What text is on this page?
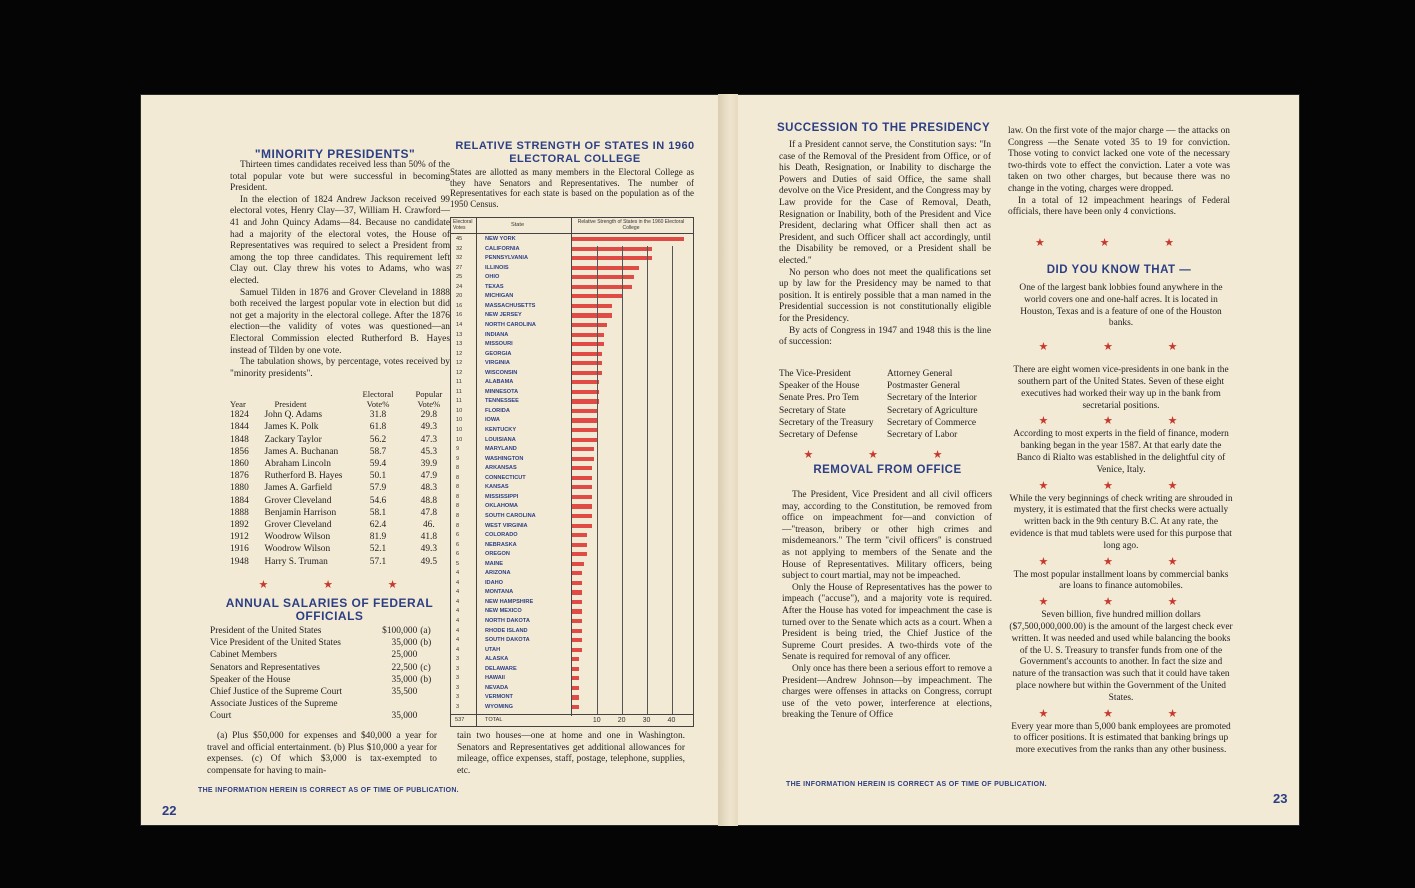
"MINORITY PRESIDENTS"

Thirteen times candidates received less than 50% of the total popular vote but were successful in becoming President.

In the election of 1824 Andrew Jackson received 99 electoral votes, Henry Clay—37, William H. Crawford—41 and John Quincy Adams—84. Because no candidate had a majority of the electoral votes, the House of Representatives was required to select a President from among the top three candidates. This requirement left Clay out. Clay threw his votes to Adams, who was elected.

Samuel Tilden in 1876 and Grover Cleveland in 1888 both received the largest popular vote in election but did not get a majority in the electoral college. After the 1876 election—the validity of votes was questioned—an Electoral Commission elected Rutherford B. Hayes instead of Tilden by one vote.

The tabulation shows, by percentage, votes received by "minority presidents".

Year	President	Electoral Vote%	Popular Vote%
1824	John Q. Adams	31.8	29.8
1844	James K. Polk	61.8	49.3
1848	Zackary Taylor	56.2	47.3
1856	James A. Buchanan	58.7	45.3
1860	Abraham Lincoln	59.4	39.9
1876	Rutherford B. Hayes	50.1	47.9
1880	James A. Garfield	57.9	48.3
1884	Grover Cleveland	54.6	48.8
1888	Benjamin Harrison	58.1	47.8
1892	Grover Cleveland	62.4	46.
1912	Woodrow Wilson	81.9	41.8
1916	Woodrow Wilson	52.1	49.3
1948	Harry S. Truman	57.1	49.5
★ ★ ★
ANNUAL SALARIES OF FEDERAL OFFICIALS
President of the United States	$100,000	(a)
Vice President of the United States	35,000	(b)
Cabinet Members	25,000	
Senators and Representatives	22,500	(c)
Speaker of the House	35,000	(b)
Chief Justice of the Supreme Court	35,500	
Associate Justices of the Supreme Court	35,000	

(a) Plus $50,000 for expenses and $40,000 a year for travel and official entertainment. (b) Plus $10,000 a year for expenses. (c) Of which $3,000 is tax-exempted to compensate for having to main-

tain two houses—one at home and one in Washington. Senators and Representatives get additional allowances for mileage, office expenses, staff, postage, telephone, supplies, etc.

RELATIVE STRENGTH OF STATES IN 1960 ELECTORAL COLLEGE

States are allotted as many members in the Electoral College as they have Senators and Representatives. The number of Representatives for each state is based on the population as of the 1950 Census.

Electoral Votes	State	Relative Strength of States in the 1960 Electoral College
45	NEW YORK
32	CALIFORNIA
32	PENNSYLVANIA
27	ILLINOIS
25	OHIO
24	TEXAS
20	MICHIGAN
16	MASSACHUSETTS
16	NEW JERSEY
14	NORTH CAROLINA
13	INDIANA
13	MISSOURI
12	GEORGIA
12	VIRGINIA
12	WISCONSIN
11	ALABAMA
11	MINNESOTA
11	TENNESSEE
10	FLORIDA
10	IOWA
10	KENTUCKY
10	LOUISIANA
9	MARYLAND
9	WASHINGTON
8	ARKANSAS
8	CONNECTICUT
8	KANSAS
8	MISSISSIPPI
8	OKLAHOMA
8	SOUTH CAROLINA
8	WEST VIRGINIA
6	COLORADO
6	NEBRASKA
6	OREGON
5	MAINE
4	ARIZONA
4	IDAHO
4	MONTANA
4	NEW HAMPSHIRE
4	NEW MEXICO
4	NORTH DAKOTA
4	RHODE ISLAND
4	SOUTH DAKOTA
4	UTAH
3	ALASKA
3	DELAWARE
3	HAWAII
3	NEVADA
3	VERMONT
3	WYOMING
537	TOTAL	10 20 30 40
THE INFORMATION HEREIN IS CORRECT AS OF TIME OF PUBLICATION.
22
SUCCESSION TO THE PRESIDENCY

If a President cannot serve, the Constitution says: "In case of the Removal of the President from Office, or of his Death, Resignation, or Inability to discharge the Powers and Duties of said Office, the same shall devolve on the Vice President, and the Congress may by Law provide for the Case of Removal, Death, Resignation or Inability, both of the President and Vice President, declaring what Officer shall then act as President, and such Officer shall act accordingly, until the Disability be removed, or a President shall be elected."

No person who does not meet the qualifications set up by law for the Presidency may be named to that position. It is entirely possible that a man named in the Presidential succession is not constitutionally eligible for the Presidency.

By acts of Congress in 1947 and 1948 this is the line of succession:

The Vice-President	Attorney General
Speaker of the House	Postmaster General
Senate Pres. Pro Tem	Secretary of the Interior
Secretary of State	Secretary of Agriculture
Secretary of the Treasury	Secretary of Commerce
Secretary of Defense	Secretary of Labor
★ ★ ★
REMOVAL FROM OFFICE

The President, Vice President and all civil officers may, according to the Constitution, be removed from office on impeachment for—and conviction of—"treason, bribery or other high crimes and misdemeanors." The term "civil officers" is construed as not applying to members of the Senate and the House of Representatives. Military officers, being subject to court martial, may not be impeached.

Only the House of Representatives has the power to impeach ("accuse"), and a majority vote is required. After the House has voted for impeachment the case is turned over to the Senate which acts as a court. When a President is being tried, the Chief Justice of the Supreme Court presides. A two-thirds vote of the Senate is required for removal of any officer.

Only once has there been a serious effort to remove a President—Andrew Johnson—by impeachment. The charges were offenses in attacks on Congress, corrupt use of the veto power, interference at elections, breaking the Tenure of Office

law. On the first vote of the major charge — the attacks on Congress —the Senate voted 35 to 19 for conviction. Those voting to convict lacked one vote of the necessary two-thirds vote to effect the conviction. Later a vote was taken on two other charges, but because there was no change in the voting, charges were dropped.

In a total of 12 impeachment hearings of Federal officials, there have been only 4 convictions.

★ ★ ★
DID YOU KNOW THAT —

One of the largest bank lobbies found anywhere in the world covers one and one-half acres. It is located in Houston, Texas and is a feature of one of the Houston banks.

★ ★ ★

There are eight women vice-presidents in one bank in the southern part of the United States. Seven of these eight executives had worked their way up in the bank from secretarial positions.

★ ★ ★

According to most experts in the field of finance, modern banking began in the year 1587. At that early date the Banco di Rialto was established in the delightful city of Venice, Italy.

★ ★ ★

While the very beginnings of check writing are shrouded in mystery, it is estimated that the first checks were actually written back in the 9th century B.C. At any rate, the evidence is that mud tablets were used for this purpose that long ago.

★ ★ ★

The most popular installment loans by commercial banks are loans to finance automobiles.

★ ★ ★

Seven billion, five hundred million dollars ($7,500,000,000.00) is the amount of the largest check ever written. It was needed and used while balancing the books of the U. S. Treasury to transfer funds from one of the Government's accounts to another. In fact the size and nature of the transaction was such that it could have taken place nowhere but within the Government of the United States.

★ ★ ★

Every year more than 5,000 bank employees are promoted to officer positions. It is estimated that banking brings up more executives from the ranks than any other business.

THE INFORMATION HEREIN IS CORRECT AS OF TIME OF PUBLICATION.
23
